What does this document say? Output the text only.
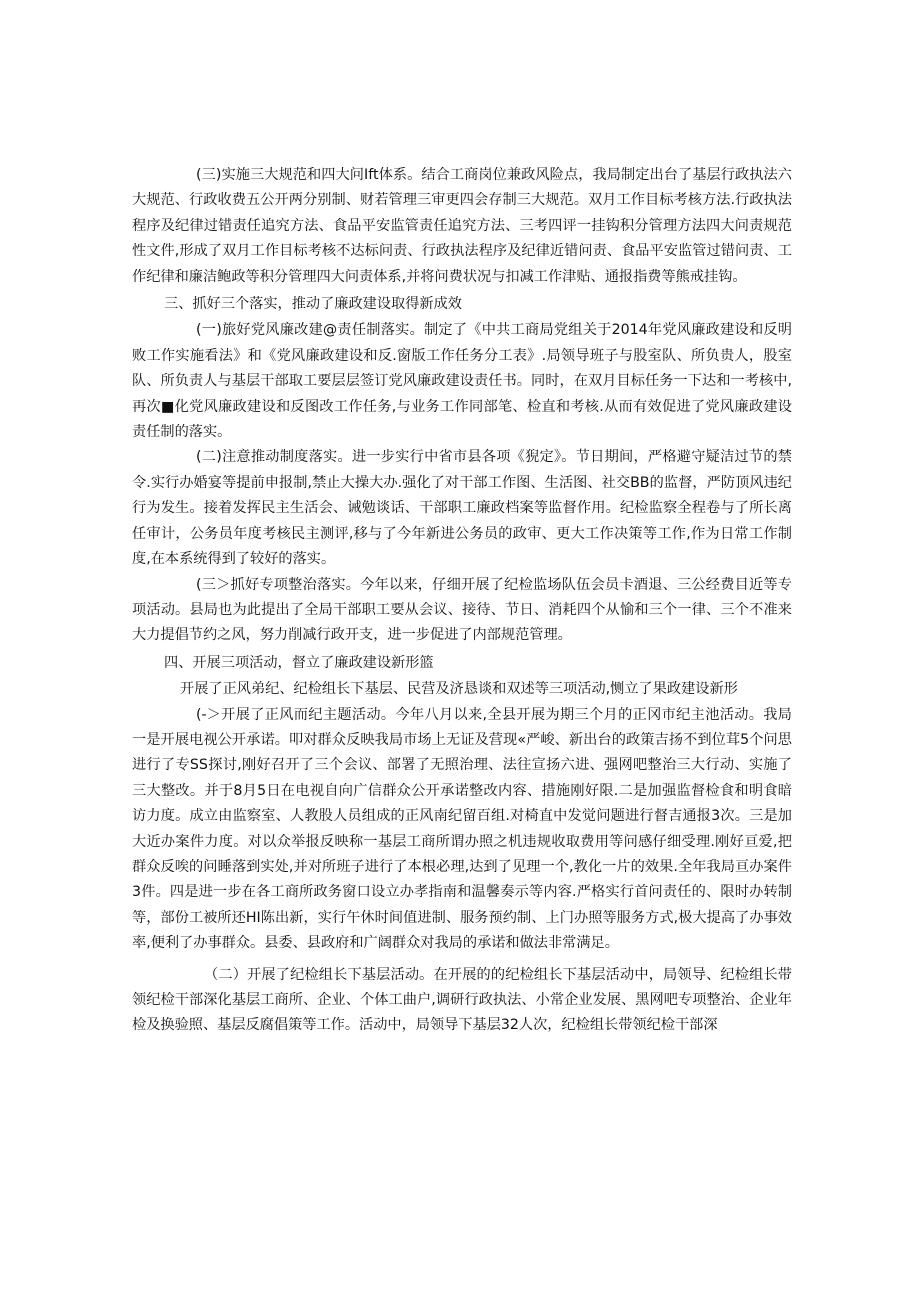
(三)实施三大规范和四大问Ift体系。结合工商岗位兼政风险点，我局制定出台了基层行政执法六大规范、行政收费五公开两分别制、财若管理三审更四会存制三大规范。双月工作目标考核方法.行政执法程序及纪律过错责任追究方法、食品平安监管责任追究方法、三考四评一挂钩积分管理方法四大问责规范性文件,形成了双月工作目标考核不达标问责、行政执法程序及纪律近错问责、食品平安监管过错问责、工作纪律和廉洁鲍政等积分管理四大问责体系,并将问费状况与扣减工作津贴、通报指费等熊戒挂钩。

三、抓好三个落实，推动了廉政建设取得新成效

(一)旅好党风廉改建@责任制落实。制定了《中共工商局党组关于2014年党风廉政建设和反明败工作实施看法》和《党风廉政建设和反.窗版工作任务分工表》.局领导班子与股室队、所负贵人，股室队、所负责人与基层干部取工要层层签订党风廉政建设责任书。同时，在双月目标任务一下达和一考核中,再次■化党风廉政建设和反图改工作任务,与业务工作同部笔、检直和考核.从而有效促进了党风廉政建设责任制的落实。

(二)注意推动制度落实。进一步实行中省市县各项《猊定》。节日期间，严格避守疑洁过节的禁令.实行办婚宴等提前申报制,禁止大操大办.强化了对干部工作图、生活图、社交BB的监督，严防顶风违纪行为发生。接着发挥民主生活会、诫勉谈话、干部职工廉政档案等监督作用。纪检监察全程卷与了所长离任审计，公务员年度考核民主测评,移与了今年新进公务员的政审、更大工作决策等工作,作为日常工作制度,在本系统得到了较好的落实。

(三＞抓好专项整治落实。今年以来，仔细开展了纪检监场队伍会员卡酒退、三公经费目近等专项活动。县局也为此提出了全局干部职工要从会议、接待、节日、消耗四个从愉和三个一律、三个不准来大力提倡节约之风，努力削减行政开支，进一步促进了内部规范管理。

四、开展三项活动，督立了廉政建设新形篮

开展了正风弟纪、纪检组长下基层、民营及济恳谈和双述等三项活动,恻立了果政建设新形

(-＞开展了正风而纪主题活动。今年八月以来,全县开展为期三个月的正冈市纪主池活动。我局一是开展电视公开承诺。叩对群众反映我局市场上无证及营现«严峻、新出台的政策吉扬不到位茸5个问思进行了专SS探讨,刚好召开了三个会议、部署了无照治理、法往宣扬六进、强网吧整治三大行动、实施了三大整改。并于8月5日在电视自向广信群众公开承诺整改内容、措施刚好限.二是加强监督检食和明食暗访力度。成立由监察室、人教股人员组成的正风南纪留百组.对椅直中发觉问题进行督吉通报3次。三是加大近办案件力度。对以众举报反映称一基层工商所谓办照之机违规收取费用等问感仔细受理.刚好亘爱,把群众反唉的问睡落到实处,并对所班子进行了本根必理,达到了见理一个,教化一片的效果.全年我局亘办案件3件。四是进一步在各工商所政务窗口设立办孝指南和温馨奏示等内容.严格实行首问责任的、限时办转制等，部份工被所还HI陈出新，实行午休时间值进制、服务预约制、上门办照等服务方式,极大提高了办事效率,便利了办事群众。县委、县政府和广阔群众对我局的承诺和做法非常满足。

（二）开展了纪检组长下基层活动。在开展的的纪检组长下基层活动中，局领导、纪检组长带领纪检干部深化基层工商所、企业、个体工曲户,调研行政执法、小常企业发展、黑网吧专项整治、企业年检及换验照、基层反腐倡策等工作。活动中，局领导下基层32人次，纪检组长带领纪检干部深
